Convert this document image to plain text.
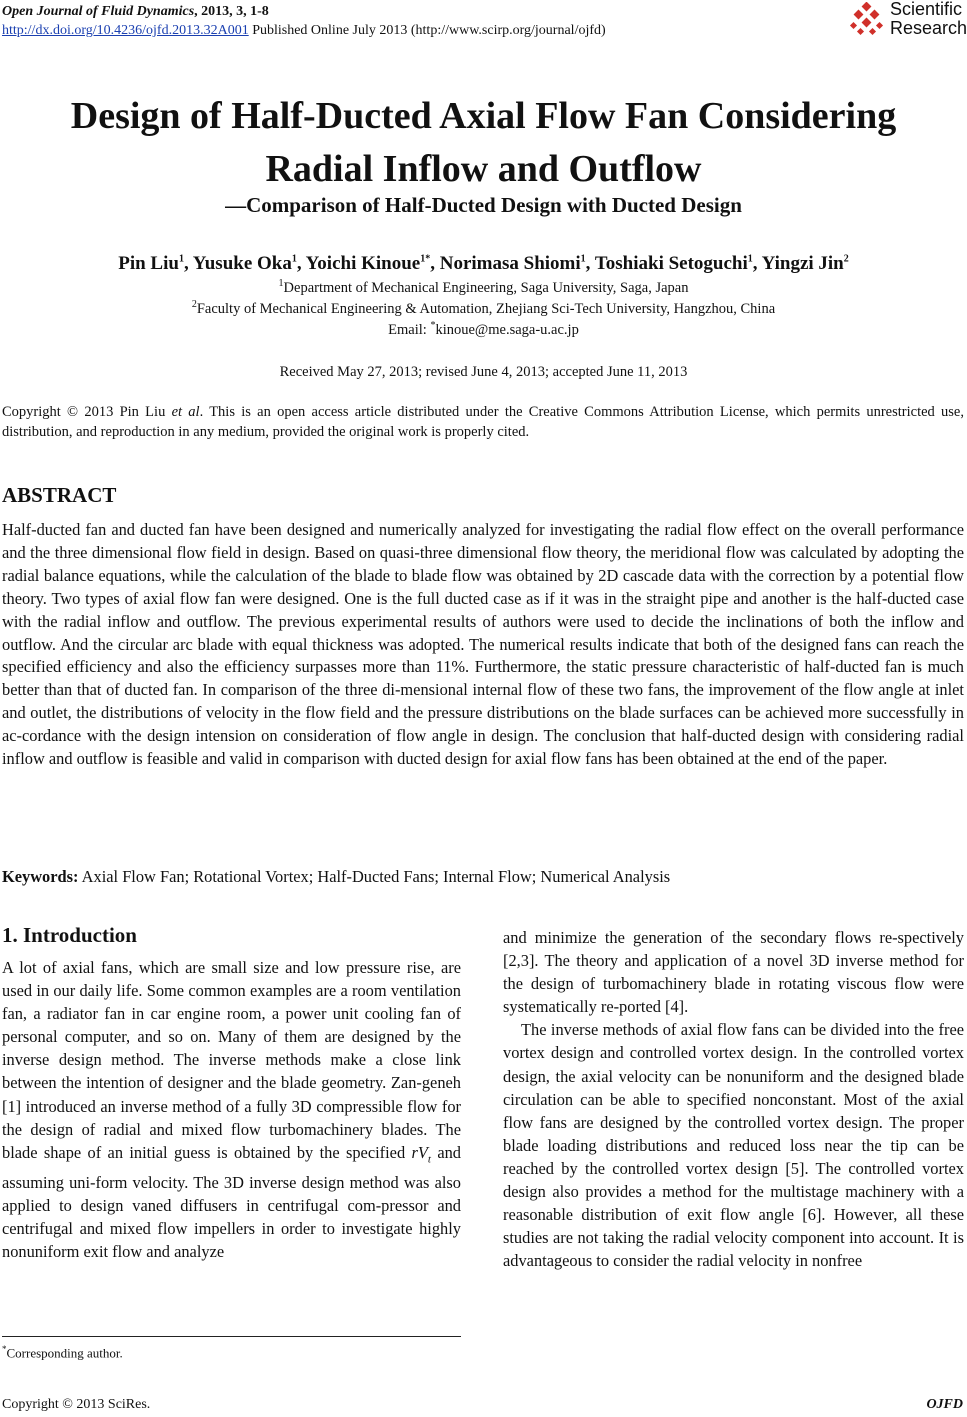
Open Journal of Fluid Dynamics, 2013, 3, 1-8
http://dx.doi.org/10.4236/ojfd.2013.32A001 Published Online July 2013 (http://www.scirp.org/journal/ojfd)
Scientific
Research
Design of Half-Ducted Axial Flow Fan Considering
Radial Inflow and Outflow
—Comparison of Half-Ducted Design with Ducted Design
Pin Liu$^1$, Yusuke Oka$^1$, Yoichi Kinoue$^{1*}$, Norimasa Shiomi$^1$, Toshiaki Setoguchi$^1$, Yingzi Jin$^2$
$^1$Department of Mechanical Engineering, Saga University, Saga, Japan
$^2$Faculty of Mechanical Engineering & Automation, Zhejiang Sci-Tech University, Hangzhou, China
Email: *kinoue@me.saga-u.ac.jp
Received May 27, 2013; revised June 4, 2013; accepted June 11, 2013
Copyright © 2013 Pin Liu et al. This is an open access article distributed under the Creative Commons Attribution License, which permits unrestricted use, distribution, and reproduction in any medium, provided the original work is properly cited.
ABSTRACT

Half-ducted fan and ducted fan have been designed and numerically analyzed for investigating the radial flow effect on the overall performance and the three dimensional flow field in design. Based on quasi-three dimensional flow theory, the meridional flow was calculated by adopting the radial balance equations, while the calculation of the blade to blade flow was obtained by 2D cascade data with the correction by a potential flow theory. Two types of axial flow fan were designed. One is the full ducted case as if it was in the straight pipe and another is the half-ducted case with the radial inflow and outflow. The previous experimental results of authors were used to decide the inclinations of both the inflow and outflow. And the circular arc blade with equal thickness was adopted. The numerical results indicate that both of the designed fans can reach the specified efficiency and also the efficiency surpasses more than 11%. Furthermore, the static pressure characteristic of half-ducted fan is much better than that of ducted fan. In comparison of the three di-mensional internal flow of these two fans, the improvement of the flow angle at inlet and outlet, the distributions of velocity in the flow field and the pressure distributions on the blade surfaces can be achieved more successfully in ac-cordance with the design intension on consideration of flow angle in design. The conclusion that half-ducted design with considering radial inflow and outflow is feasible and valid in comparison with ducted design for axial flow fans has been obtained at the end of the paper.

Keywords: Axial Flow Fan; Rotational Vortex; Half-Ducted Fans; Internal Flow; Numerical Analysis
1. Introduction

A lot of axial fans, which are small size and low pressure rise, are used in our daily life. Some common examples are a room ventilation fan, a radiator fan in car engine room, a power unit cooling fan of personal computer, and so on. Many of them are designed by the inverse design method. The inverse methods make a close link between the intention of designer and the blade geometry. Zan-geneh [1] introduced an inverse method of a fully 3D compressible flow for the design of radial and mixed flow turbomachinery blades. The blade shape of an initial guess is obtained by the specified $rV_t$ and assuming uni-form velocity. The 3D inverse design method was also applied to design vaned diffusers in centrifugal com-pressor and centrifugal and mixed flow impellers in order to investigate highly nonuniform exit flow and analyze

and minimize the generation of the secondary flows re-spectively [2,3]. The theory and application of a novel 3D inverse method for the design of turbomachinery blade in rotating viscous flow were systematically re-ported [4].

The inverse methods of axial flow fans can be divided into the free vortex design and controlled vortex design. In the controlled vortex design, the axial velocity can be nonuniform and the designed blade circulation can be able to specified nonconstant. Most of the axial flow fans are designed by the controlled vortex design. The proper blade loading distributions and reduced loss near the tip can be reached by the controlled vortex design [5]. The controlled vortex design also provides a method for the multistage machinery with a reasonable distribution of exit flow angle [6]. However, all these studies are not taking the radial velocity component into account. It is advantageous to consider the radial velocity in nonfree

*Corresponding author.
Copyright © 2013 SciRes.	OJFD
